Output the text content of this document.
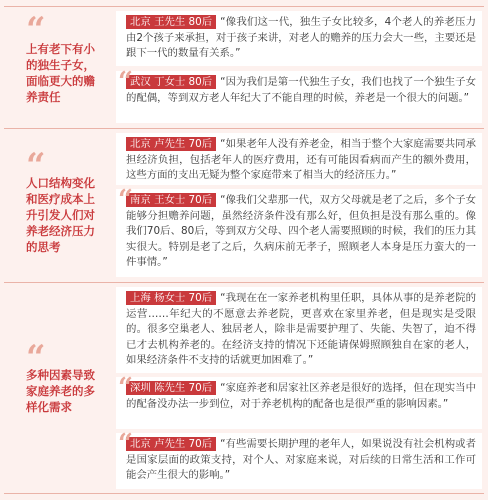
“
上有老下有小的独生子女，面临更大的赡养责任

北京 王先生 80后 “像我们这一代，独生子女比较多，4个老人的养老压力由2个孩子来承担，对于孩子来讲，对老人的赡养的压力会大一些，主要还是跟下一代的数量有关系。”

“

武汉 丁女士 80后 “因为我们是第一代独生子女，我们也找了一个独生子女的配偶，等到双方老人年纪大了不能自理的时候，养老是一个很大的问题。”

“
人口结构变化和医疗成本上升引发人们对养老经济压力的思考

北京 卢先生 70后 “如果老年人没有养老金，相当于整个大家庭需要共同承担经济负担，包括老年人的医疗费用，还有可能因看病而产生的额外费用，这些方面的支出无疑为整个家庭带来了相当大的经济压力。”

“

南京 王女士 70后 “像我们父辈那一代，双方父母就是老了之后，多个子女能够分担赡养问题，虽然经济条件没有那么好，但负担是没有那么重的。像我们70后、80后，等到双方父母、四个老人需要照顾的时候，我们的压力其实很大。特别是老了之后，久病床前无孝子，照顾老人本身是压力蛮大的一件事情。”

“
多种因素导致家庭养老的多样化需求

上海 杨女士 70后 “我现在在一家养老机构里任职，具体从事的是养老院的运营……年纪大的不愿意去养老院，更喜欢在家里养老，但是现实是受限的。很多空巢老人、独居老人，除非是需要护理了、失能、失智了，迫不得已才去机构养老的。在经济支持的情况下还能请保姆照顾独自在家的老人，如果经济条件不支持的话就更加困难了。”

“

深圳 陈先生 70后 “家庭养老和居家社区养老是很好的选择，但在现实当中的配备没办法一步到位，对于养老机构的配备也是很严重的影响因素。”

“

北京 卢先生 70后 “有些需要长期护理的老年人，如果说没有社会机构或者是国家层面的政策支持，对个人、对家庭来说，对后续的日常生活和工作可能会产生很大的影响。”
